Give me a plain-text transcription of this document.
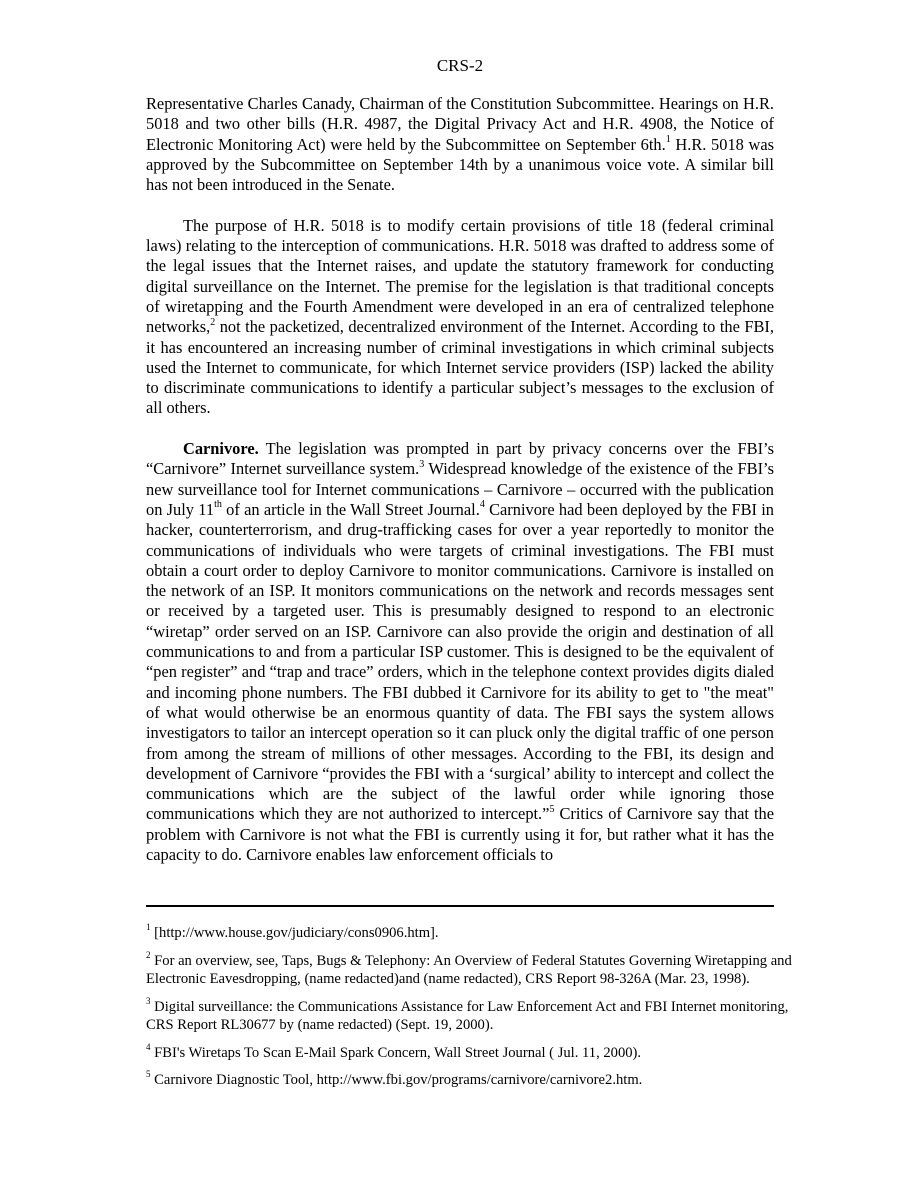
CRS-2

Representative Charles Canady, Chairman of the Constitution Subcommittee. Hearings on H.R. 5018 and two other bills (H.R. 4987, the Digital Privacy Act and H.R. 4908, the Notice of Electronic Monitoring Act) were held by the Subcommittee on September 6th.$^1$ H.R. 5018 was approved by the Subcommittee on September 14th by a unanimous voice vote. A similar bill has not been introduced in the Senate.

The purpose of H.R. 5018 is to modify certain provisions of title 18 (federal criminal laws) relating to the interception of communications. H.R. 5018 was drafted to address some of the legal issues that the Internet raises, and update the statutory framework for conducting digital surveillance on the Internet. The premise for the legislation is that traditional concepts of wiretapping and the Fourth Amendment were developed in an era of centralized telephone networks,$^2$ not the packetized, decentralized environment of the Internet. According to the FBI, it has encountered an increasing number of criminal investigations in which criminal subjects used the Internet to communicate, for which Internet service providers (ISP) lacked the ability to discriminate communications to identify a particular subject’s messages to the exclusion of all others.

Carnivore. The legislation was prompted in part by privacy concerns over the FBI’s “Carnivore” Internet surveillance system.$^3$ Widespread knowledge of the existence of the FBI’s new surveillance tool for Internet communications – Carnivore – occurred with the publication on July 11th of an article in the Wall Street Journal.$^4$ Carnivore had been deployed by the FBI in hacker, counterterrorism, and drug-trafficking cases for over a year reportedly to monitor the communications of individuals who were targets of criminal investigations. The FBI must obtain a court order to deploy Carnivore to monitor communications. Carnivore is installed on the network of an ISP. It monitors communications on the network and records messages sent or received by a targeted user. This is presumably designed to respond to an electronic “wiretap” order served on an ISP. Carnivore can also provide the origin and destination of all communications to and from a particular ISP customer. This is designed to be the equivalent of “pen register” and “trap and trace” orders, which in the telephone context provides digits dialed and incoming phone numbers. The FBI dubbed it Carnivore for its ability to get to "the meat" of what would otherwise be an enormous quantity of data. The FBI says the system allows investigators to tailor an intercept operation so it can pluck only the digital traffic of one person from among the stream of millions of other messages. According to the FBI, its design and development of Carnivore “provides the FBI with a ‘surgical’ ability to intercept and collect the communications which are the subject of the lawful order while ignoring those communications which they are not authorized to intercept.”$^5$ Critics of Carnivore say that the problem with Carnivore is not what the FBI is currently using it for, but rather what it has the capacity to do. Carnivore enables law enforcement officials to

$^1$ [http://www.house.gov/judiciary/cons0906.htm].

$^2$ For an overview, see, Taps, Bugs & Telephony: An Overview of Federal Statutes Governing Wiretapping and Electronic Eavesdropping, (name redacted)and (name redacted), CRS Report 98-326A (Mar. 23, 1998).

$^3$ Digital surveillance: the Communications Assistance for Law Enforcement Act and FBI Internet monitoring, CRS Report RL30677 by (name redacted) (Sept. 19, 2000).

$^4$ FBI's Wiretaps To Scan E-Mail Spark Concern, Wall Street Journal ( Jul. 11, 2000).

$^5$ Carnivore Diagnostic Tool, http://www.fbi.gov/programs/carnivore/carnivore2.htm.
